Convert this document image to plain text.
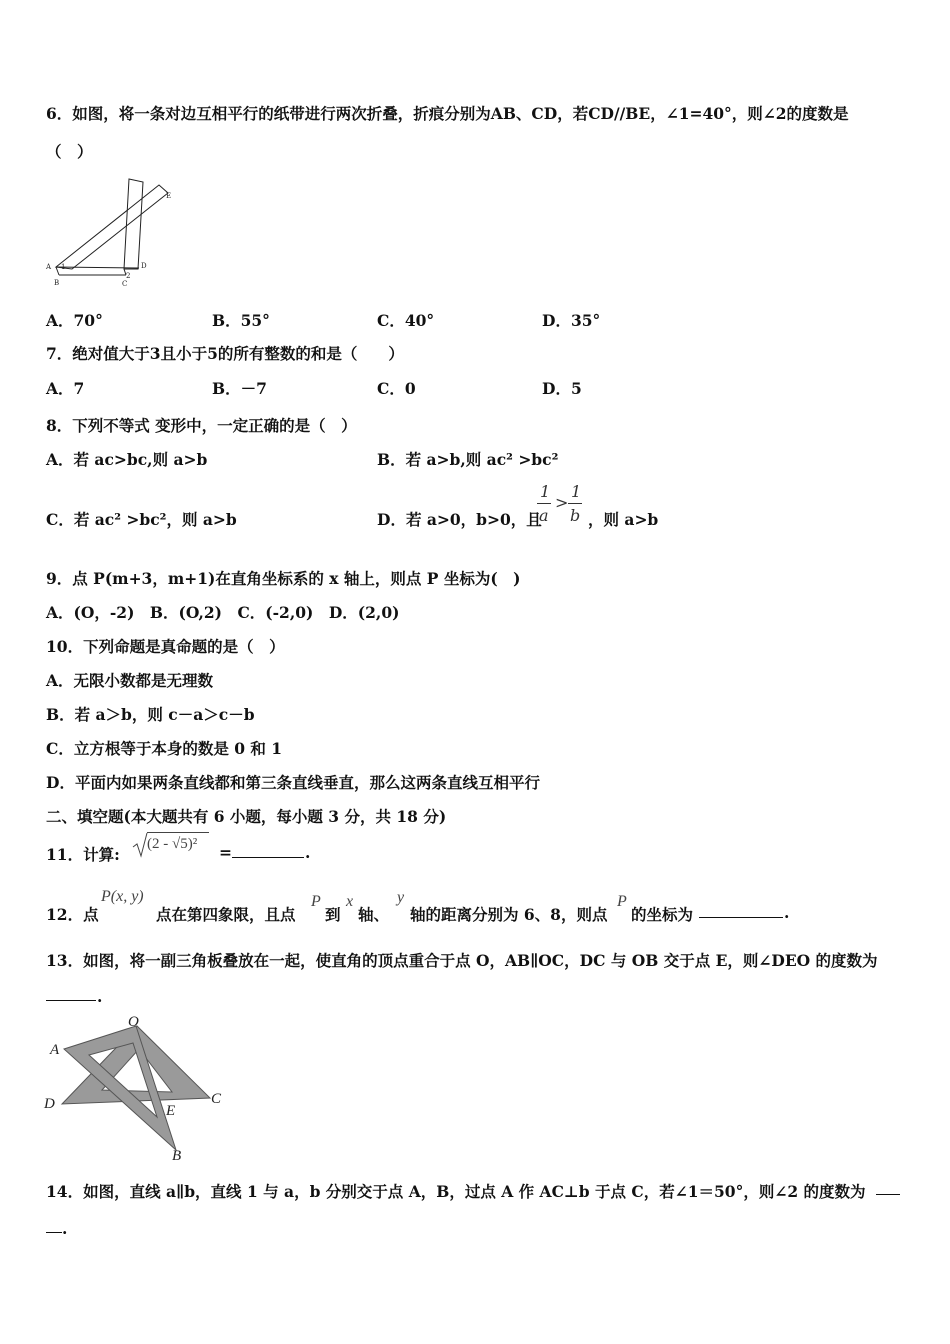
6．如图，将一条对边互相平行的纸带进行两次折叠，折痕分别为AB、CD，若CD//BE，∠1=40°，则∠2的度数是
（　）
A
B	C
D
E
1
2
A．70°	B．55°	C．40°	D．35°
7．绝对值大于3且小于5的所有整数的和是（　　）
A．7	B．－7	C．0	D．5
8．下列不等式 变形中，一定正确的是（　）
A．若 ac>bc,则 a>b	B．若 a>b,则 ac² >bc²
C．若 ac² >bc²，则 a>b	D．若 a>0，b>0，且
1
a
>
1
b ，则 a>b
9．点 P(m+3，m+1)在直角坐标系的 x 轴上，则点 P 坐标为(　)
A．(O，-2)　B．(O,2)　C．(-2,0)　D．(2,0)
10．下列命题是真命题的是（　）
A．无限小数都是无理数
B．若 a＞b，则 c－a＞c－b
C．立方根等于本身的数是 0 和 1
D．平面内如果两条直线都和第三条直线垂直，那么这两条直线互相平行
二、填空题(本大题共有 6 小题，每小题 3 分，共 18 分)
11．计算:
(2 - √5)² =	.
12．点
P(x, y)
点在第四象限，且点
P
到
x
轴、
y
轴的距离分别为 6、8，则点
P
的坐标为	.
13．如图，将一副三角板叠放在一起，使直角的顶点重合于点 O，AB∥OC，DC 与 OB 交于点 E，则∠DEO 的度数为
.
O
A
D	C
E
B
14．如图，直线 a∥b，直线 1 与 a，b 分别交于点 A，B，过点 A 作 AC⊥b 于点 C，若∠1＝50°，则∠2 的度数为
.
